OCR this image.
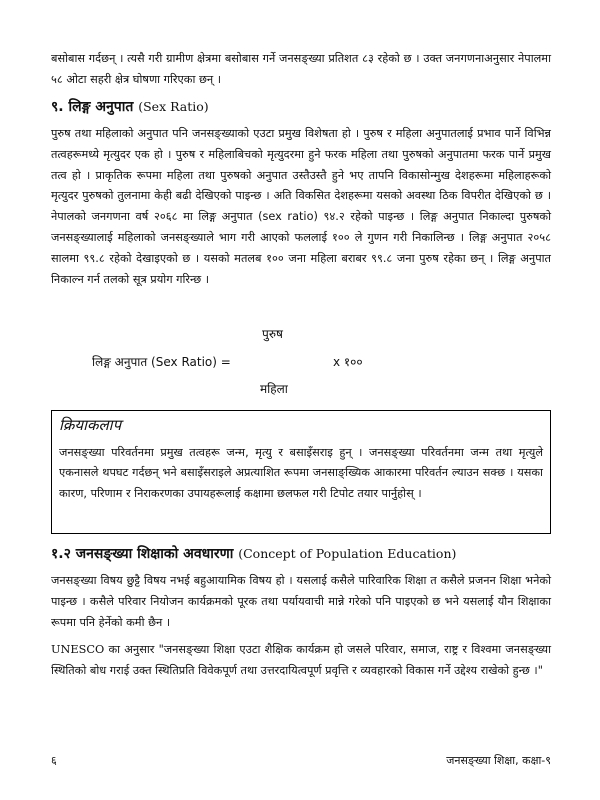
बसोबास गर्दछन् । त्यसै गरी ग्रामीण क्षेत्रमा बसोबास गर्ने जनसङ्ख्या प्रतिशत ८३ रहेको छ । उक्त जनगणनाअनुसार नेपालमा ५८ ओटा सहरी क्षेत्र घोषणा गरिएका छन् ।

९. लिङ्ग अनुपात (Sex Ratio)

पुरुष तथा महिलाको अनुपात पनि जनसङ्ख्याको एउटा प्रमुख विशेषता हो । पुरुष र महिला अनुपातलाई प्रभाव पार्ने विभिन्न तत्वहरूमध्ये मृत्युदर एक हो । पुरुष र महिलाबिचको मृत्युदरमा हुने फरक महिला तथा पुरुषको अनुपातमा फरक पार्ने प्रमुख तत्व हो । प्राकृतिक रूपमा महिला तथा पुरुषको अनुपात उस्तैउस्तै हुने भए तापनि विकासोन्मुख देशहरूमा महिलाहरूको मृत्युदर पुरुषको तुलनामा केही बढी देखिएको पाइन्छ । अति विकसित देशहरूमा यसको अवस्था ठिक विपरीत देखिएको छ । नेपालको जनगणना वर्ष २०६८ मा लिङ्ग अनुपात (sex ratio) ९४.२ रहेको पाइन्छ । लिङ्ग अनुपात निकाल्दा पुरुषको जनसङ्ख्यालाई महिलाको जनसङ्ख्याले भाग गरी आएको फललाई १०० ले गुणन गरी निकालिन्छ । लिङ्ग अनुपात २०५८ सालमा ९९.८ रहेको देखाइएको छ । यसको मतलब १०० जना महिला बराबर ९९.८ जना पुरुष रहेका छन् । लिङ्ग अनुपात निकाल्न गर्न तलको सूत्र प्रयोग गरिन्छ ।

पुरुष
लिङ्ग अनुपात (Sex Ratio) =	x १००
महिला
क्रियाकलाप

जनसङ्ख्या परिवर्तनमा प्रमुख तत्वहरू जन्म, मृत्यु र बसाइँसराइ हुन् । जनसङ्ख्या परिवर्तनमा जन्म तथा मृत्युले एकनासले थपघट गर्दछन् भने बसाइँसराइले अप्रत्याशित रूपमा जनसाङ्ख्यिक आकारमा परिवर्तन ल्याउन सक्छ । यसका कारण, परिणाम र निराकरणका उपायहरूलाई कक्षामा छलफल गरी टिपोट तयार पार्नुहोस् ।

१.२ जनसङ्ख्या शिक्षाको अवधारणा (Concept of Population Education)

जनसङ्ख्या विषय छुट्टै विषय नभई बहुआयामिक विषय हो । यसलाई कसैले पारिवारिक शिक्षा त कसैले प्रजनन शिक्षा भनेको पाइन्छ । कसैले परिवार नियोजन कार्यक्रमको पूरक तथा पर्यायवाची मान्ने गरेको पनि पाइएको छ भने यसलाई यौन शिक्षाका रूपमा पनि हेर्नेको कमी छैन ।

UNESCO का अनुसार "जनसङ्ख्या शिक्षा एउटा शैक्षिक कार्यक्रम हो जसले परिवार, समाज, राष्ट्र र विश्वमा जनसङ्ख्या स्थितिको बोध गराई उक्त स्थितिप्रति विवेकपूर्ण तथा उत्तरदायित्वपूर्ण प्रवृत्ति र व्यवहारको विकास गर्ने उद्देश्य राखेको हुन्छ ।"

६	जनसङ्ख्या शिक्षा, कक्षा-९
